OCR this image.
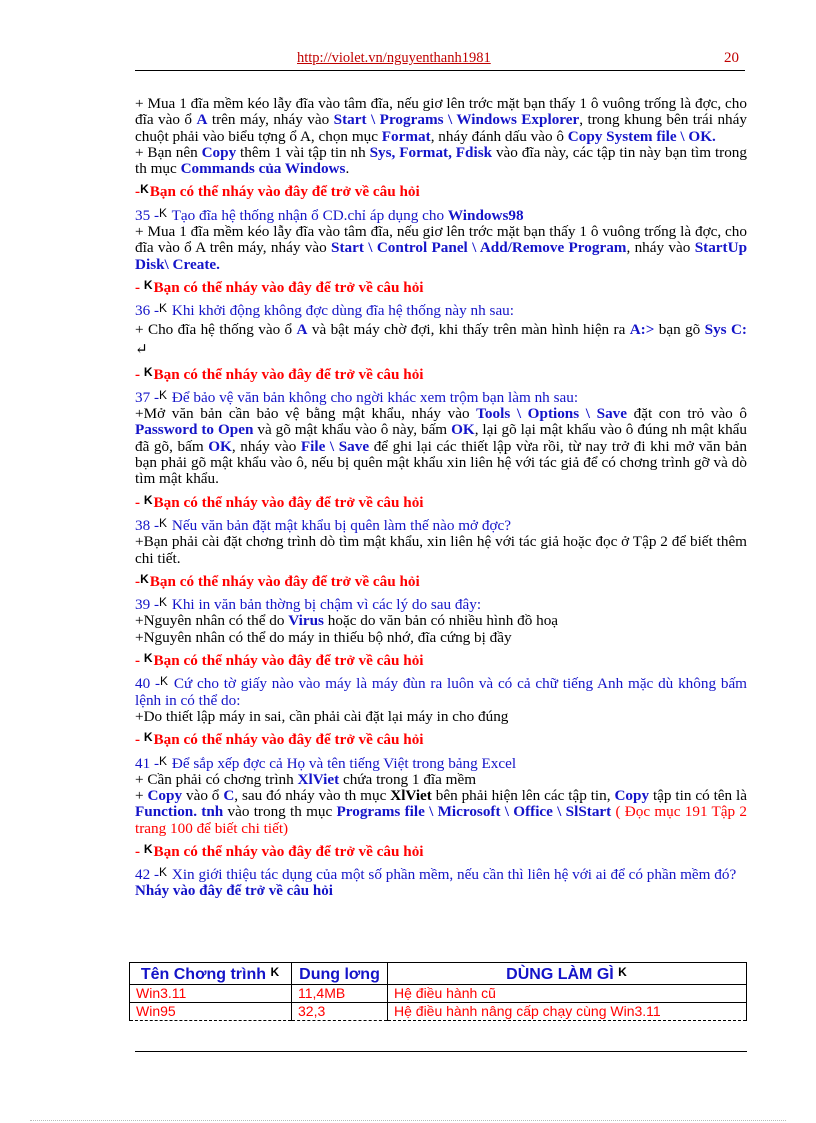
http://violet.vn/nguyenthanh1981	20

+ Mua 1 đĩa mềm kéo lẫy đĩa vào tâm đĩa, nếu giơ lên trớc mặt bạn thấy 1 ô vuông trống là đợc, cho đĩa vào ổ A trên máy, nháy vào Start \ Programs \ Windows Explorer, trong khung bên trái nháy chuột phải vào biểu tợng ổ A, chọn mục Format, nháy đánh dấu vào ô Copy System file \ OK.

+ Bạn nên Copy thêm 1 vài tập tin nh Sys, Format, Fdisk vào đĩa này, các tập tin này bạn tìm trong th mục Commands của Windows.

-KBạn có thể nháy vào đây để trở về câu hỏi

35 -K Tạo đĩa hệ thống nhận ổ CD.chỉ áp dụng cho Windows98

+ Mua 1 đĩa mềm kéo lẫy đĩa vào tâm đĩa, nếu giơ lên trớc mặt bạn thấy 1 ô vuông trống là đợc, cho đĩa vào ổ A trên máy, nháy vào Start \ Control Panel \ Add/Remove Program, nháy vào StartUp Disk\ Create.

- KBạn có thể nháy vào đây để trở về câu hỏi

36 -K Khi khởi động không đợc dùng đĩa hệ thống này nh sau:

+ Cho đĩa hệ thống vào ổ A và bật máy chờ đợi, khi thấy trên màn hình hiện ra A:> bạn gõ Sys C: ↵

- KBạn có thể nháy vào đây để trở về câu hỏi

37 -K Để bảo vệ văn bản không cho ngời khác xem trộm bạn làm nh sau:

+Mở văn bản cần bảo vệ bằng mật khẩu, nháy vào Tools \ Options \ Save đặt con trỏ vào ô Password to Open và gõ mật khẩu vào ô này, bấm OK, lại gõ lại mật khẩu vào ô đúng nh mật khẩu đã gõ, bấm OK, nháy vào File \ Save để ghi lại các thiết lập vừa rồi, từ nay trở đi khi mở văn bản bạn phải gõ mật khẩu vào ô, nếu bị quên mật khẩu xin liên hệ với tác giả để có chơng trình gỡ và dò tìm mật khẩu.

- KBạn có thể nháy vào đây để trở về câu hỏi

38 -K Nếu văn bản đặt mật khẩu bị quên làm thế nào mở đợc?

+Bạn phải cài đặt chơng trình dò tìm mật khẩu, xin liên hệ với tác giả hoặc đọc ở Tập 2 để biết thêm chi tiết.

-KBạn có thể nháy vào đây để trở về câu hỏi

39 -K Khi in văn bản thờng bị chậm vì các lý do sau đây:

+Nguyên nhân có thể do Virus hoặc do văn bản có nhiều hình đồ hoạ

+Nguyên nhân có thể do máy in thiếu bộ nhớ, đĩa cứng bị đầy

- KBạn có thể nháy vào đây để trở về câu hỏi

40 -K Cứ cho tờ giấy nào vào máy là máy đùn ra luôn và có cả chữ tiếng Anh mặc dù không bấm lệnh in có thể do:

+Do thiết lập máy in sai, cần phải cài đặt lại máy in cho đúng

- KBạn có thể nháy vào đây để trở về câu hỏi

41 -K Để sắp xếp đợc cả Họ và tên tiếng Việt trong bảng Excel

+ Cần phải có chơng trình XlViet chứa trong 1 đĩa mềm

+ Copy vào ổ C, sau đó nháy vào th mục XlViet bên phải hiện lên các tập tin, Copy tập tin có tên là Function. tnh vào trong th mục Programs file \ Microsoft \ Office \ SlStart ( Đọc mục 191 Tập 2 trang 100 để biết chi tiết)

- KBạn có thể nháy vào đây để trở về câu hỏi

42 -K Xin giới thiệu tác dụng của một số phần mềm, nếu cần thì liên hệ với ai để có phần mềm đó?

Nháy vào đây để trở về câu hỏi

Tên Chơng trình K	Dung lơng	DÙNG LÀM GÌ K
Win3.11	11,4MB	Hệ điều hành cũ
Win95	32,3	Hệ điều hành nâng cấp chạy cùng Win3.11
